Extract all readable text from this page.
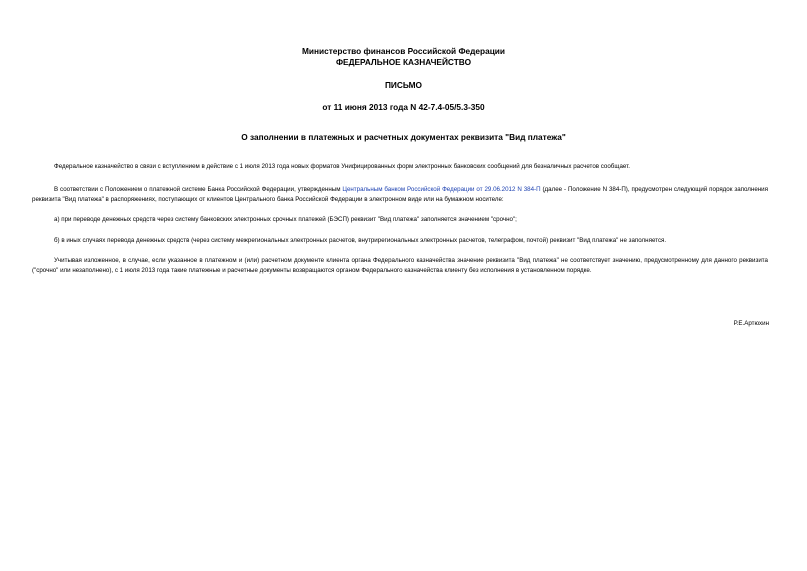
Министерство финансов Российской Федерации
ФЕДЕРАЛЬНОЕ КАЗНАЧЕЙСТВО
ПИСЬМО
от 11 июня 2013 года N 42-7.4-05/5.3-350
О заполнении в платежных и расчетных документах реквизита "Вид платежа"
Федеральное казначейство в связи с вступлением в действие с 1 июля 2013 года новых форматов Унифицированных форм электронных банковских сообщений для безналичных расчетов сообщает.
В соответствии с Положением о платежной системе Банка Российской Федерации, утвержденным Центральным банком Российской Федерации от 29.06.2012 N 384-П (далее - Положение N 384-П), предусмотрен следующий порядок заполнения реквизита "Вид платежа" в распоряжениях, поступающих от клиентов Центрального банка Российской Федерации в электронном виде или на бумажном носителе:
а) при переводе денежных средств через систему банковских электронных срочных платежей (БЭСП) реквизит "Вид платежа" заполняется значением "срочно";
б) в иных случаях перевода денежных средств (через систему межрегиональных электронных расчетов, внутрирегиональных электронных расчетов, телеграфом, почтой) реквизит "Вид платежа" не заполняется.
Учитывая изложенное, в случае, если указанное в платежном и (или) расчетном документе клиента органа Федерального казначейства значение реквизита "Вид платежа" не соответствует значению, предусмотренному для данного реквизита ("срочно" или незаполнено), с 1 июля 2013 года такие платежные и расчетные документы возвращаются органом Федерального казначейства клиенту без исполнения в установленном порядке.
Р.Е.Артюхин
